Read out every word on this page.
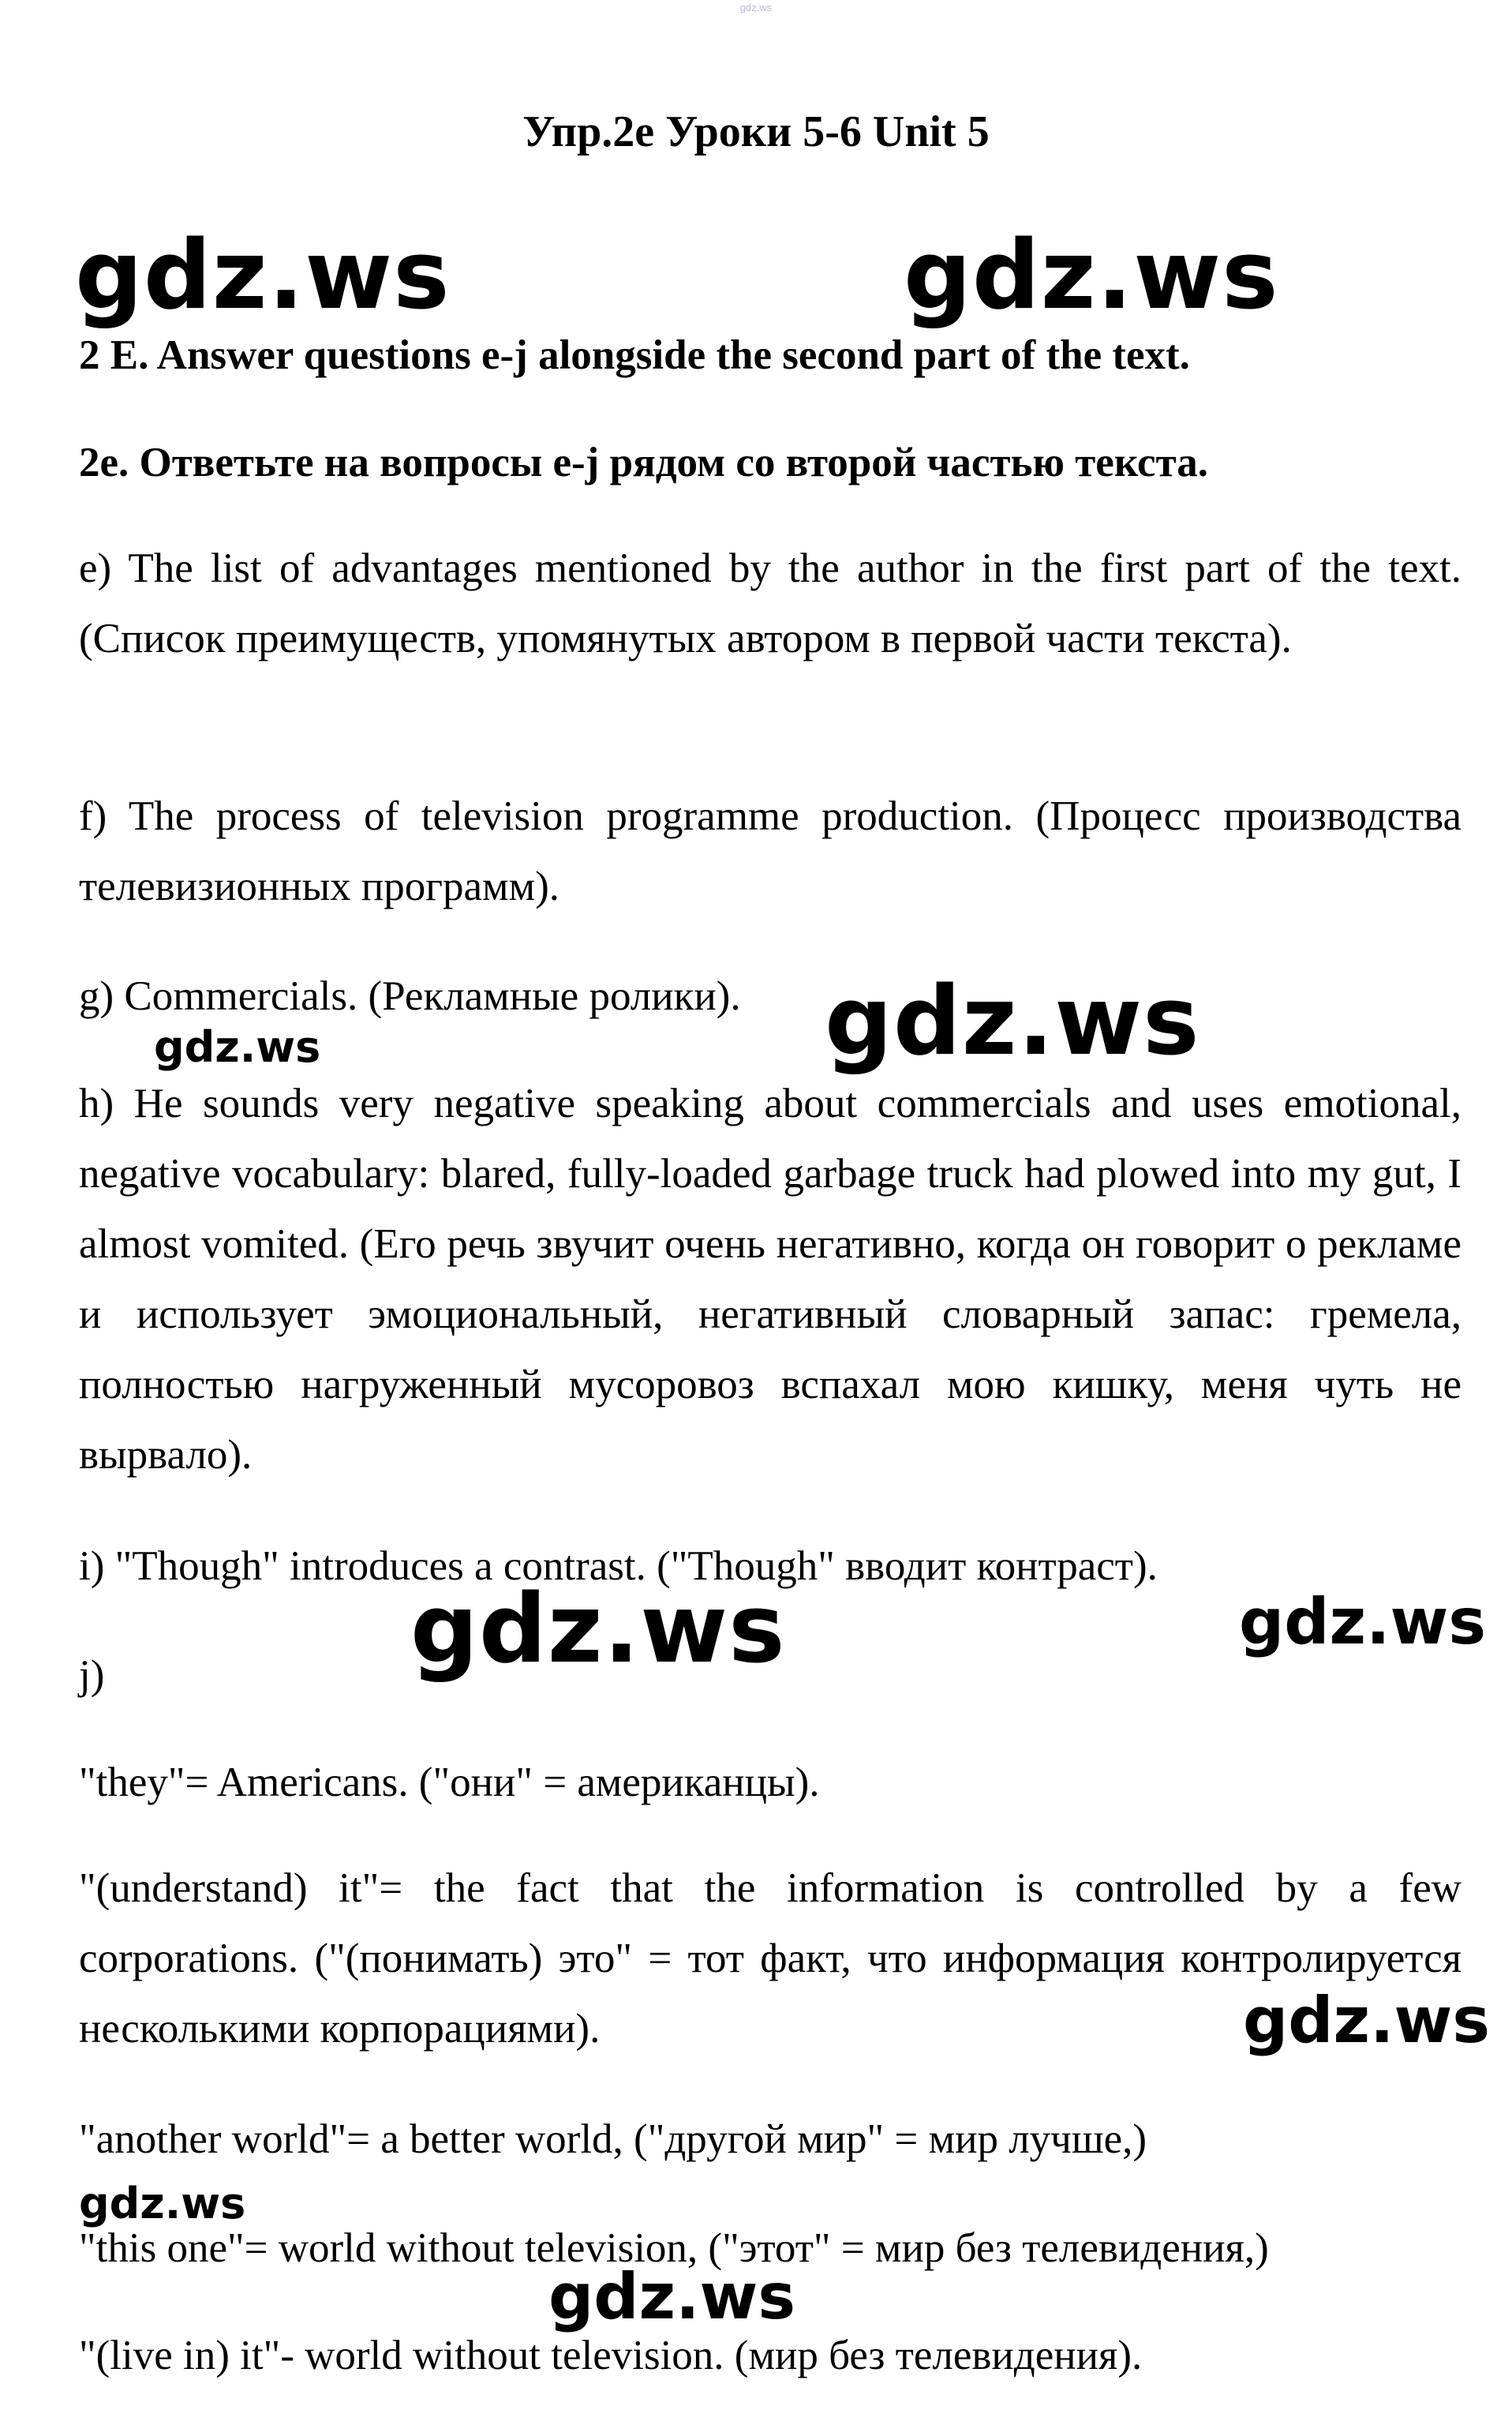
gdz.ws
Упр.2е Уроки 5-6 Unit 5
gdz.ws	gdz.ws
2 E. Answer questions e-j alongside the second part of the text.
2e. Ответьте на вопросы e-j рядом со второй частью текста.
e) The list of advantages mentioned by the author in the first part of the text. (Список преимуществ, упомянутых автором в первой части текста).
f) The process of television programme production. (Процесс производства телевизионных программ).
g) Commercials. (Рекламные ролики). gdz.ws
gdz.ws
h) He sounds very negative speaking about commercials and uses emotional, negative vocabulary: blared, fully-loaded garbage truck had plowed into my gut, I almost vomited. (Его речь звучит очень негативно, когда он говорит о рекламе и использует эмоциональный, негативный словарный запас: гремела, полностью нагруженный мусоровоз вспахал мою кишку, меня чуть не вырвало).
i) "Though" introduces a contrast. ("Though" вводит контраст).
gdz.ws	gdz.ws
j)
"they"= Americans. ("они" = американцы).
"(understand) it"= the fact that the information is controlled by a few corporations. ("(понимать) это" = тот факт, что информация контролируется несколькими корпорациями).	gdz.ws
"another world"= a better world, ("другой мир" = мир лучше,)
gdz.ws
"this one"= world without television, ("этот" = мир без телевидения,)
gdz.ws
"(live in) it"- world without television. (мир без телевидения).
